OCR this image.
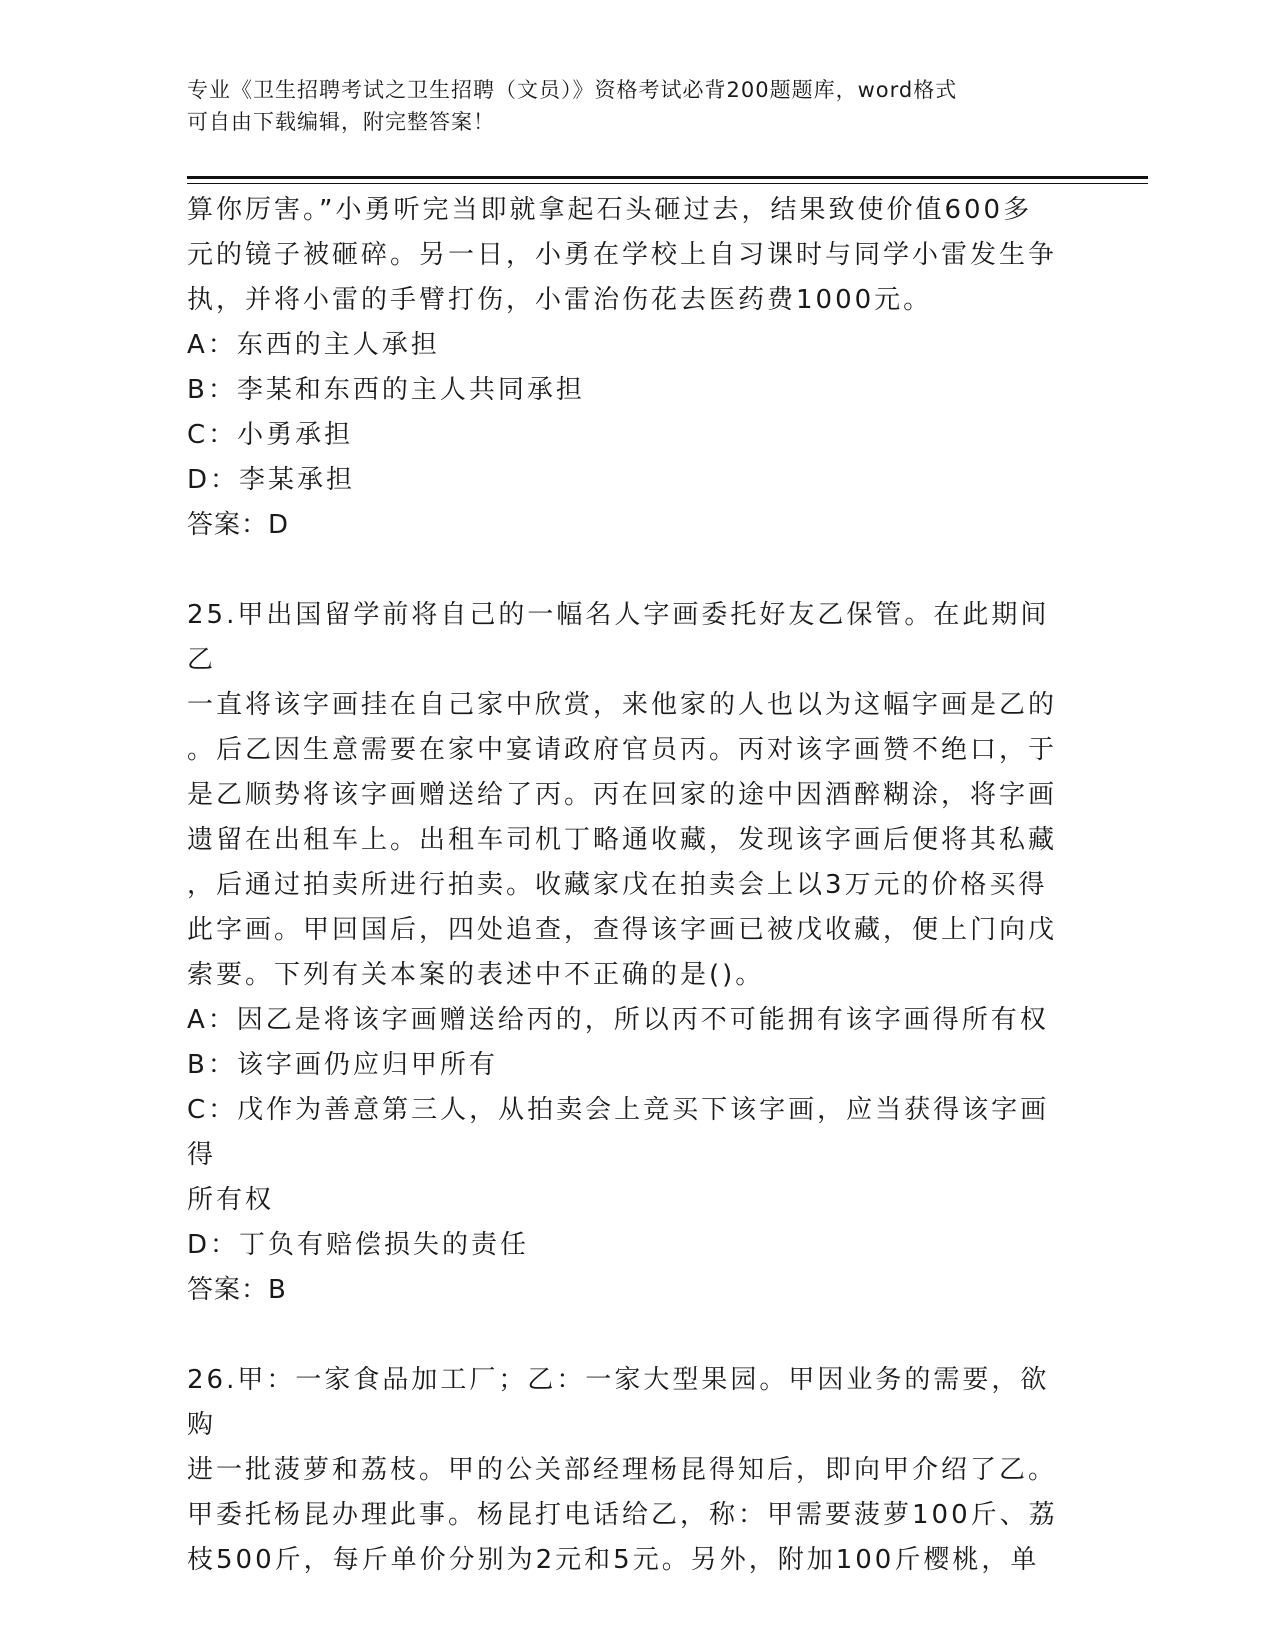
专业《卫生招聘考试之卫生招聘（文员）》资格考试必背200题题库，word格式
可自由下载编辑，附完整答案！

算你厉害。”小勇听完当即就拿起石头砸过去，结果致使价值600多

元的镜子被砸碎。另一日，小勇在学校上自习课时与同学小雷发生争

执，并将小雷的手臂打伤，小雷治伤花去医药费1000元。

A：东西的主人承担

B：李某和东西的主人共同承担

C：小勇承担

D：李某承担

答案：D

25.甲出国留学前将自己的一幅名人字画委托好友乙保管。在此期间乙

一直将该字画挂在自己家中欣赏，来他家的人也以为这幅字画是乙的

。后乙因生意需要在家中宴请政府官员丙。丙对该字画赞不绝口，于

是乙顺势将该字画赠送给了丙。丙在回家的途中因酒醉糊涂，将字画

遗留在出租车上。出租车司机丁略通收藏，发现该字画后便将其私藏

，后通过拍卖所进行拍卖。收藏家戊在拍卖会上以3万元的价格买得

此字画。甲回国后，四处追查，查得该字画已被戊收藏，便上门向戊

索要。下列有关本案的表述中不正确的是()。

A：因乙是将该字画赠送给丙的，所以丙不可能拥有该字画得所有权

B：该字画仍应归甲所有

C：戊作为善意第三人，从拍卖会上竞买下该字画，应当获得该字画得

所有权

D：丁负有赔偿损失的责任

答案：B

26.甲：一家食品加工厂；乙：一家大型果园。甲因业务的需要，欲购

进一批菠萝和荔枝。甲的公关部经理杨昆得知后，即向甲介绍了乙。

甲委托杨昆办理此事。杨昆打电话给乙，称：甲需要菠萝100斤、荔

枝500斤，每斤单价分别为2元和5元。另外，附加100斤樱桃，单
